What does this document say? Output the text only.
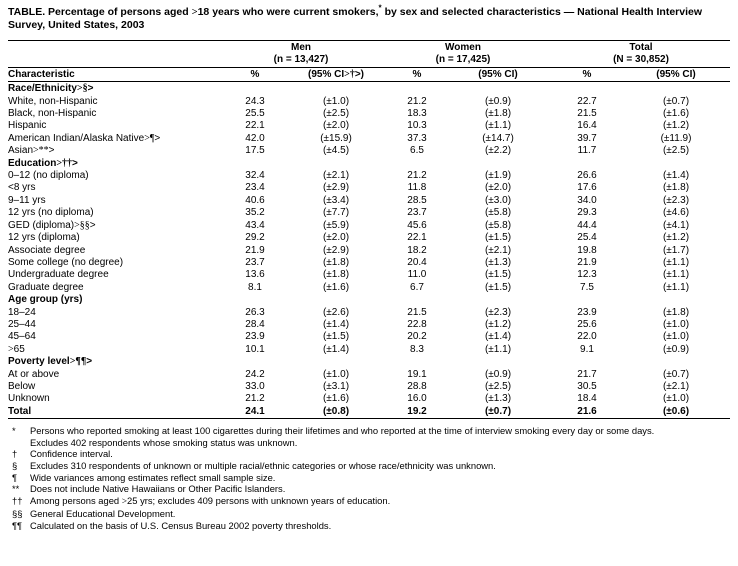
TABLE. Percentage of persons aged >18 years who were current smokers,* by sex and selected characteristics — National Health Interview Survey, United States, 2003

	Men		Women			Total	
	(n = 13,427)		(n = 17,425)			(N = 30,852)	

Characteristic	%	(95% CI>†>)	%	(95% CI)		%	(95% CI)

Race/Ethnicity>§>							
White, non-Hispanic	24.3	(±1.0)	21.2	(±0.9)		22.7	(±0.7)
Black, non-Hispanic	25.5	(±2.5)	18.3	(±1.8)		21.5	(±1.6)
Hispanic	22.1	(±2.0)	10.3	(±1.1)		16.4	(±1.2)
American Indian/Alaska Native>¶>	42.0	(±15.9)	37.3	(±14.7)		39.7	(±11.9)
Asian>**>	17.5	(±4.5)	6.5	(±2.2)		11.7	(±2.5)
Education>††>							
0–12 (no diploma)	32.4	(±2.1)	21.2	(±1.9)		26.6	(±1.4)
<8 yrs	23.4	(±2.9)	11.8	(±2.0)		17.6	(±1.8)
9–11 yrs	40.6	(±3.4)	28.5	(±3.0)		34.0	(±2.3)
12 yrs (no diploma)	35.2	(±7.7)	23.7	(±5.8)		29.3	(±4.6)
GED (diploma)>§§>	43.4	(±5.9)	45.6	(±5.8)		44.4	(±4.1)
12 yrs (diploma)	29.2	(±2.0)	22.1	(±1.5)		25.4	(±1.2)
Associate degree	21.9	(±2.9)	18.2	(±2.1)		19.8	(±1.7)
Some college (no degree)	23.7	(±1.8)	20.4	(±1.3)		21.9	(±1.1)
Undergraduate degree	13.6	(±1.8)	11.0	(±1.5)		12.3	(±1.1)
Graduate degree	8.1	(±1.6)	6.7	(±1.5)		7.5	(±1.1)
Age group (yrs)							
18–24	26.3	(±2.6)	21.5	(±2.3)		23.9	(±1.8)
25–44	28.4	(±1.4)	22.8	(±1.2)		25.6	(±1.0)
45–64	23.9	(±1.5)	20.2	(±1.4)		22.0	(±1.0)
>65	10.1	(±1.4)	8.3	(±1.1)		9.1	(±0.9)
Poverty level>¶¶>							
At or above	24.2	(±1.0)	19.1	(±0.9)		21.7	(±0.7)
Below	33.0	(±3.1)	28.8	(±2.5)		30.5	(±2.1)
Unknown	21.2	(±1.6)	16.0	(±1.3)		18.4	(±1.0)
Total	24.1	(±0.8)	19.2	(±0.7)		21.6	(±0.6)

*	Persons who reported smoking at least 100 cigarettes during their lifetimes and who reported at the time of interview smoking every day or some days.
Excludes 402 respondents whose smoking status was unknown.
†	Confidence interval.
§	Excludes 310 respondents of unknown or multiple racial/ethnic categories or whose race/ethnicity was unknown.
¶	Wide variances among estimates reflect small sample size.
**	Does not include Native Hawaiians or Other Pacific Islanders.
†† Among persons aged >25 yrs; excludes 409 persons with unknown years of education.
§§ General Educational Development.
¶¶ Calculated on the basis of U.S. Census Bureau 2002 poverty thresholds.
